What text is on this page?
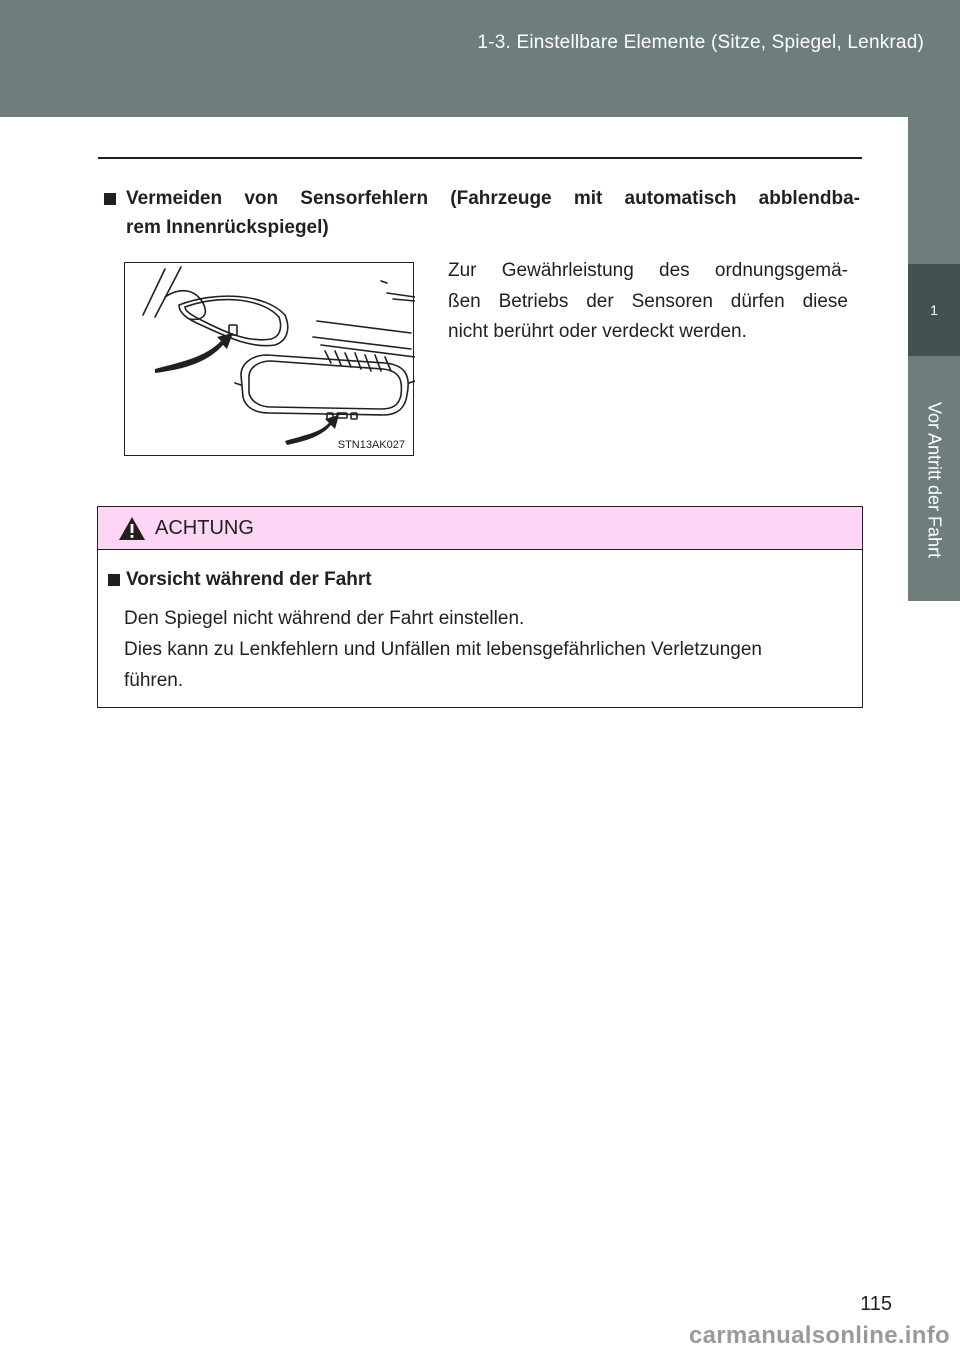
1-3. Einstellbare Elemente (Sitze, Spiegel, Lenkrad)
1
Vor Antritt der Fahrt
Vermeiden von Sensorfehlern (Fahrzeuge mit automatisch abblendba-
rem Innenrückspiegel)
STN13AK027
Zur Gewährleistung des ordnungsgemä-
ßen Betriebs der Sensoren dürfen diese
nicht berührt oder verdeckt werden.
ACHTUNG
Vorsicht während der Fahrt
Den Spiegel nicht während der Fahrt einstellen.
Dies kann zu Lenkfehlern und Unfällen mit lebensgefährlichen Verletzungen
führen.
115
carmanualsonline.info
